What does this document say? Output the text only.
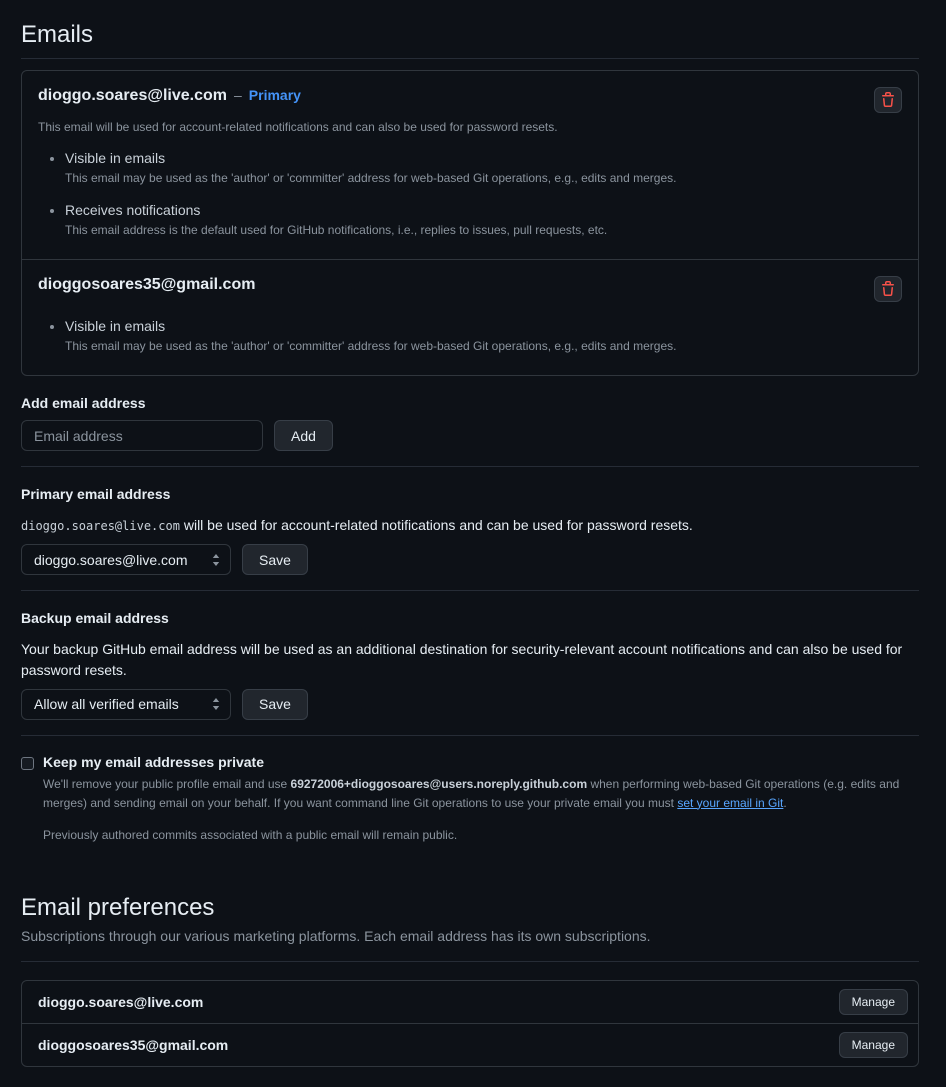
Emails
dioggo.soares@live.com – Primary
This email will be used for account-related notifications and can also be used for password resets.
• Visible in emails
This email may be used as the 'author' or 'committer' address for web-based Git operations, e.g., edits and merges.
• Receives notifications
This email address is the default used for GitHub notifications, i.e., replies to issues, pull requests, etc.
dioggosoares35@gmail.com
• Visible in emails
This email may be used as the 'author' or 'committer' address for web-based Git operations, e.g., edits and merges.
Add email address
Email address
Add
Primary email address
dioggo.soares@live.com will be used for account-related notifications and can be used for password resets.
dioggo.soares@live.com	Save
Backup email address
Your backup GitHub email address will be used as an additional destination for security-relevant account notifications and can also be used for password resets.
Allow all verified emails	Save
Keep my email addresses private
We'll remove your public profile email and use 69272006+dioggosoares@users.noreply.github.com when performing web-based Git operations (e.g. edits and merges) and sending email on your behalf. If you want command line Git operations to use your private email you must set your email in Git.
Previously authored commits associated with a public email will remain public.
Email preferences
Subscriptions through our various marketing platforms. Each email address has its own subscriptions.
dioggo.soares@live.com	Manage
dioggosoares35@gmail.com	Manage
